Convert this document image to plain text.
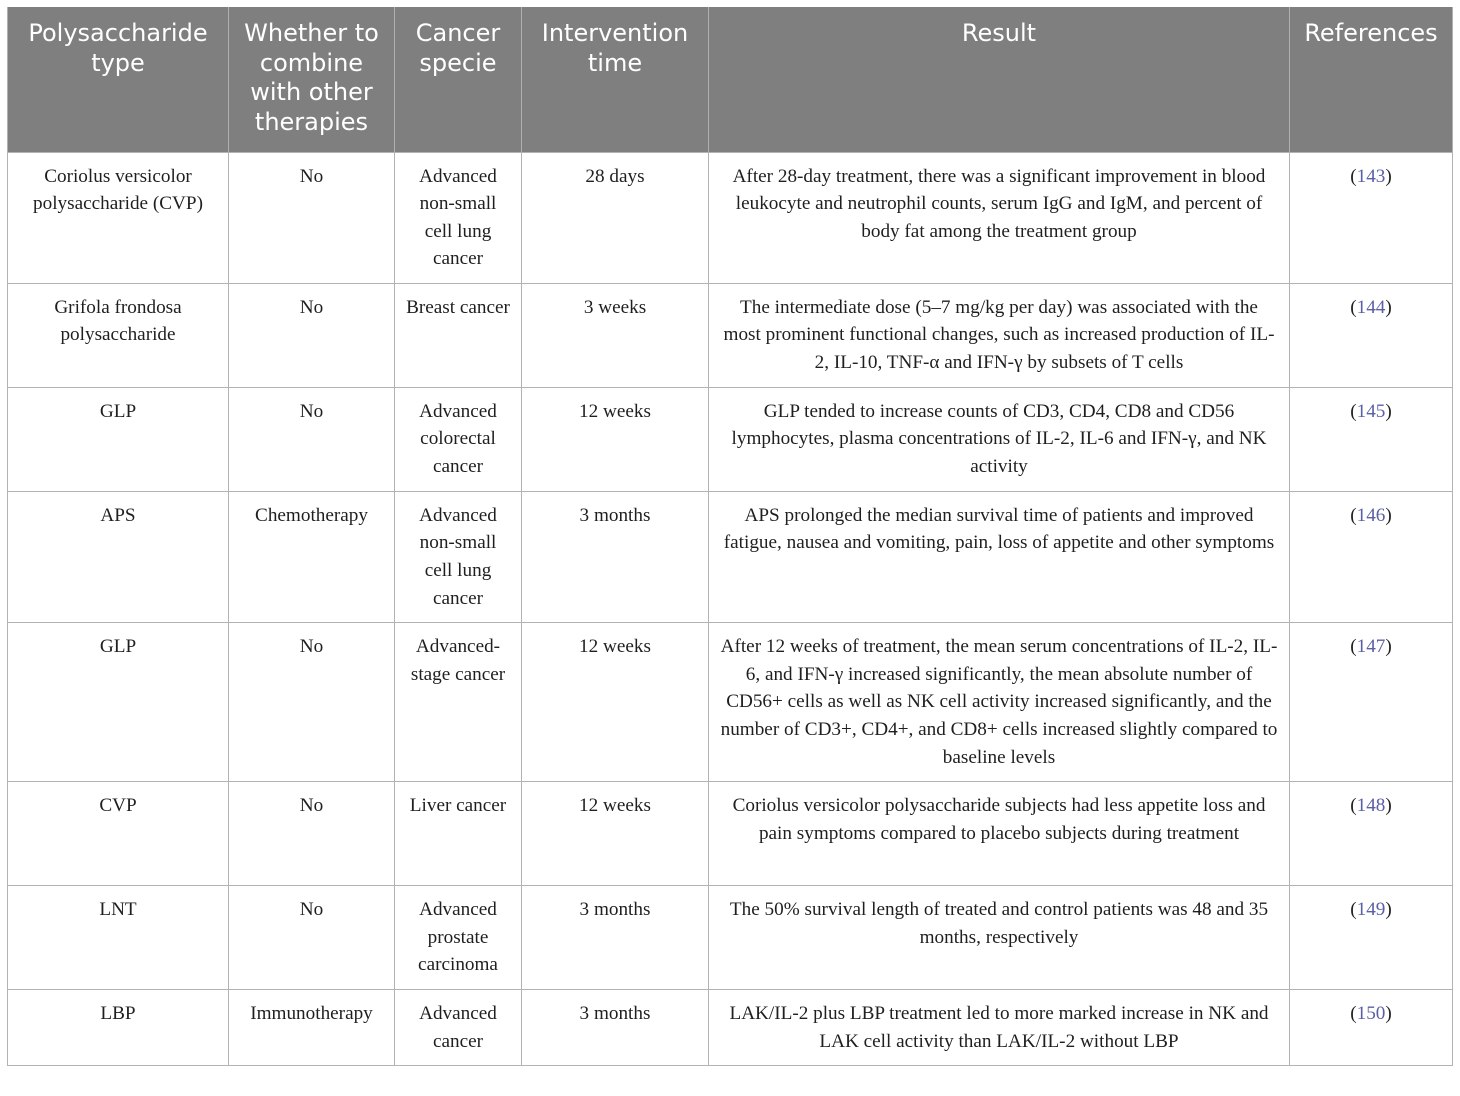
Polysaccharide type	Whether to combine with other therapies	Cancer specie	Intervention time	Result	References
Coriolus versicolor polysaccharide (CVP)	No	Advanced non-small cell lung cancer	28 days	After 28-day treatment, there was a significant improvement in blood leukocyte and neutrophil counts, serum IgG and IgM, and percent of body fat among the treatment group	(143)
Grifola frondosa polysaccharide	No	Breast cancer	3 weeks	The intermediate dose (5–7 mg/kg per day) was associated with the most prominent functional changes, such as increased production of IL-2, IL-10, TNF-α and IFN-γ by subsets of T cells	(144)
GLP	No	Advanced colorectal cancer	12 weeks	GLP tended to increase counts of CD3, CD4, CD8 and CD56 lymphocytes, plasma concentrations of IL-2, IL-6 and IFN-γ, and NK activity	(145)
APS	Chemotherapy	Advanced non-small cell lung cancer	3 months	APS prolonged the median survival time of patients and improved fatigue, nausea and vomiting, pain, loss of appetite and other symptoms	(146)
GLP	No	Advanced-stage cancer	12 weeks	After 12 weeks of treatment, the mean serum concentrations of IL-2, IL-6, and IFN-γ increased significantly, the mean absolute number of CD56+ cells as well as NK cell activity increased significantly, and the number of CD3+, CD4+, and CD8+ cells increased slightly compared to baseline levels	(147)
CVP	No	Liver cancer	12 weeks	Coriolus versicolor polysaccharide subjects had less appetite loss and pain symptoms compared to placebo subjects during treatment	(148)
LNT	No	Advanced prostate carcinoma	3 months	The 50% survival length of treated and control patients was 48 and 35 months, respectively	(149)
LBP	Immunotherapy	Advanced cancer	3 months	LAK/IL-2 plus LBP treatment led to more marked increase in NK and LAK cell activity than LAK/IL-2 without LBP	(150)
